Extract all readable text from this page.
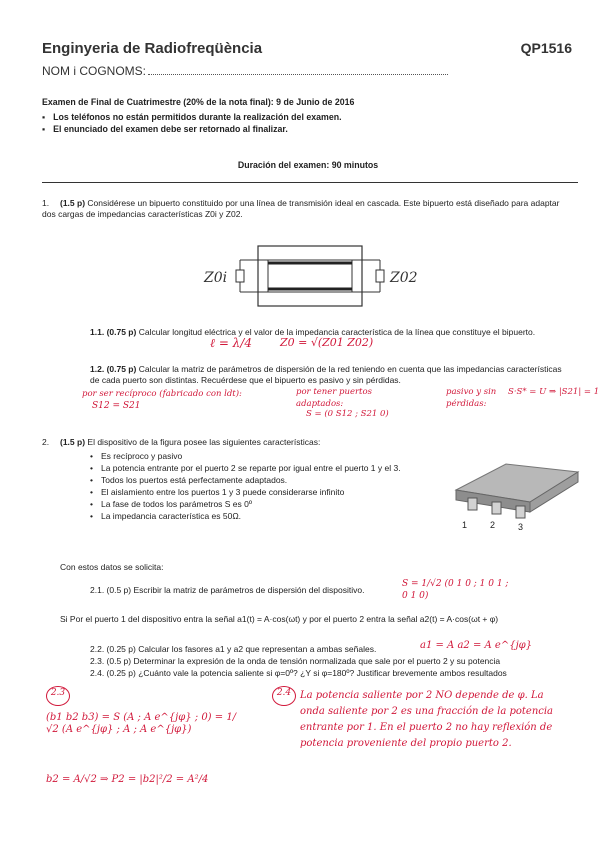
Enginyeria de Radiofreqüència	QP1516
NOM i COGNOMS:
Examen de Final de Cuatrimestre (20% de la nota final): 9 de Junio de 2016
▪ Los teléfonos no están permitidos durante la realización del examen.
▪ El enunciado del examen debe ser retornado al finalizar.
Duración del examen: 90 minutos
1. (1.5 p) Considérese un bipuerto constituido por una línea de transmisión ideal en cascada. Este bipuerto está diseñado para adaptar dos cargas de impedancias características Z0i y Z02.
Z0i	Z02
1.1. (0.75 p) Calcular longitud eléctrica y el valor de la impedancia característica de la línea que constituye el bipuerto.
ℓ = λ/4	Z0 = √(Z01 Z02)
1.2. (0.75 p) Calcular la matriz de parámetros de dispersión de la red teniendo en cuenta que las impedancias características de cada puerto son distintas. Recuérdese que el bipuerto es pasivo y sin pérdidas.
por ser recíproco (fabricado con ldt):
S12 = S21
por tener puertos adaptados:
S = (0 S12 ; S21 0)
pasivo y sin pérdidas:
S·S* = U ⇒ |S21| = 1
2. (1.5 p) El dispositivo de la figura posee las siguientes características:
• Es recíproco y pasivo
• La potencia entrante por el puerto 2 se reparte por igual entre el puerto 1 y el 3.
• Todos los puertos está perfectamente adaptados.
• El aislamiento entre los puertos 1 y 3 puede considerarse infinito
• La fase de todos los parámetros S es 0º
• La impedancia característica es 50Ω.
1	2	3
Con estos datos se solicita:
2.1. (0.5 p) Escribir la matriz de parámetros de dispersión del dispositivo.
S = 1/√2 (0 1 0 ; 1 0 1 ; 0 1 0)
Si Por el puerto 1 del dispositivo entra la señal a1(t) = A·cos(ωt) y por el puerto 2 entra la señal a2(t) = A·cos(ωt + φ)
2.2. (0.25 p) Calcular los fasores a1 y a2 que representan a ambas señales.	a1 = A a2 = A e^{jφ}
2.3. (0.5 p) Determinar la expresión de la onda de tensión normalizada que sale por el puerto 2 y su potencia
2.4. (0.25 p) ¿Cuánto vale la potencia saliente si φ=0º? ¿Y si φ=180º? Justificar brevemente ambos resultados
2.3
(b1 b2 b3) = S (A ; A e^{jφ} ; 0) = 1/√2 (A e^{jφ} ; A ; A e^{jφ})
b2 = A/√2 ⇒ P2 = |b2|²/2 = A²/4
2.4 La potencia saliente por 2 NO depende de φ. La onda saliente por 2 es una fracción de la potencia entrante por 1. En el puerto 2 no hay reflexión de potencia proveniente del propio puerto 2.
